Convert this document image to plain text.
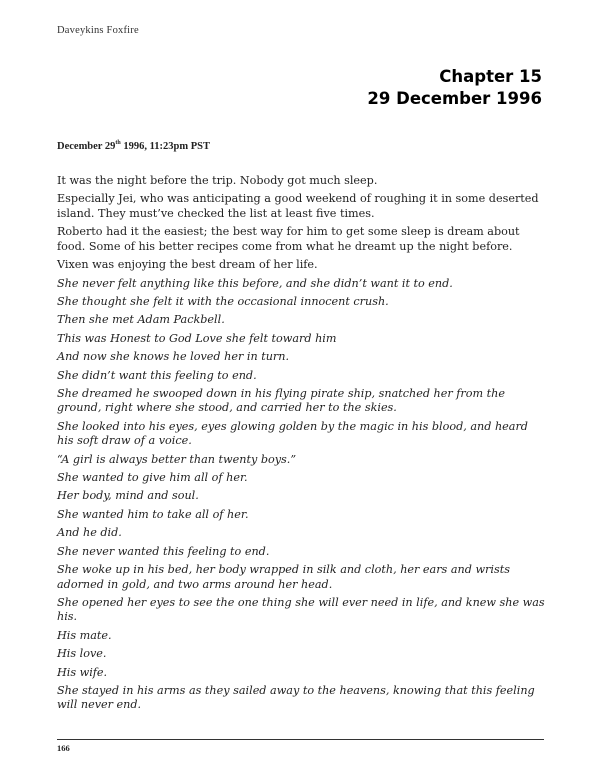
Daveykins Foxfire
Chapter 15
29 December 1996
December 29th 1996, 11:23pm PST

It was the night before the trip. Nobody got much sleep.

Especially Jei, who was anticipating a good weekend of roughing it in some deserted island. They must’ve checked the list at least five times.

Roberto had it the easiest; the best way for him to get some sleep is dream about food. Some of his better recipes come from what he dreamt up the night before.

Vixen was enjoying the best dream of her life.

She never felt anything like this before, and she didn’t want it to end.

She thought she felt it with the occasional innocent crush.

Then she met Adam Packbell.

This was Honest to God Love she felt toward him

And now she knows he loved her in turn.

She didn’t want this feeling to end.

She dreamed he swooped down in his flying pirate ship, snatched her from the ground, right where she stood, and carried her to the skies.

She looked into his eyes, eyes glowing golden by the magic in his blood, and heard his soft draw of a voice.

“A girl is always better than twenty boys.”

She wanted to give him all of her.

Her body, mind and soul.

She wanted him to take all of her.

And he did.

She never wanted this feeling to end.

She woke up in his bed, her body wrapped in silk and cloth, her ears and wrists adorned in gold, and two arms around her head.

She opened her eyes to see the one thing she will ever need in life, and knew she was his.

His mate.

His love.

His wife.

She stayed in his arms as they sailed away to the heavens, knowing that this feeling will never end.

166
